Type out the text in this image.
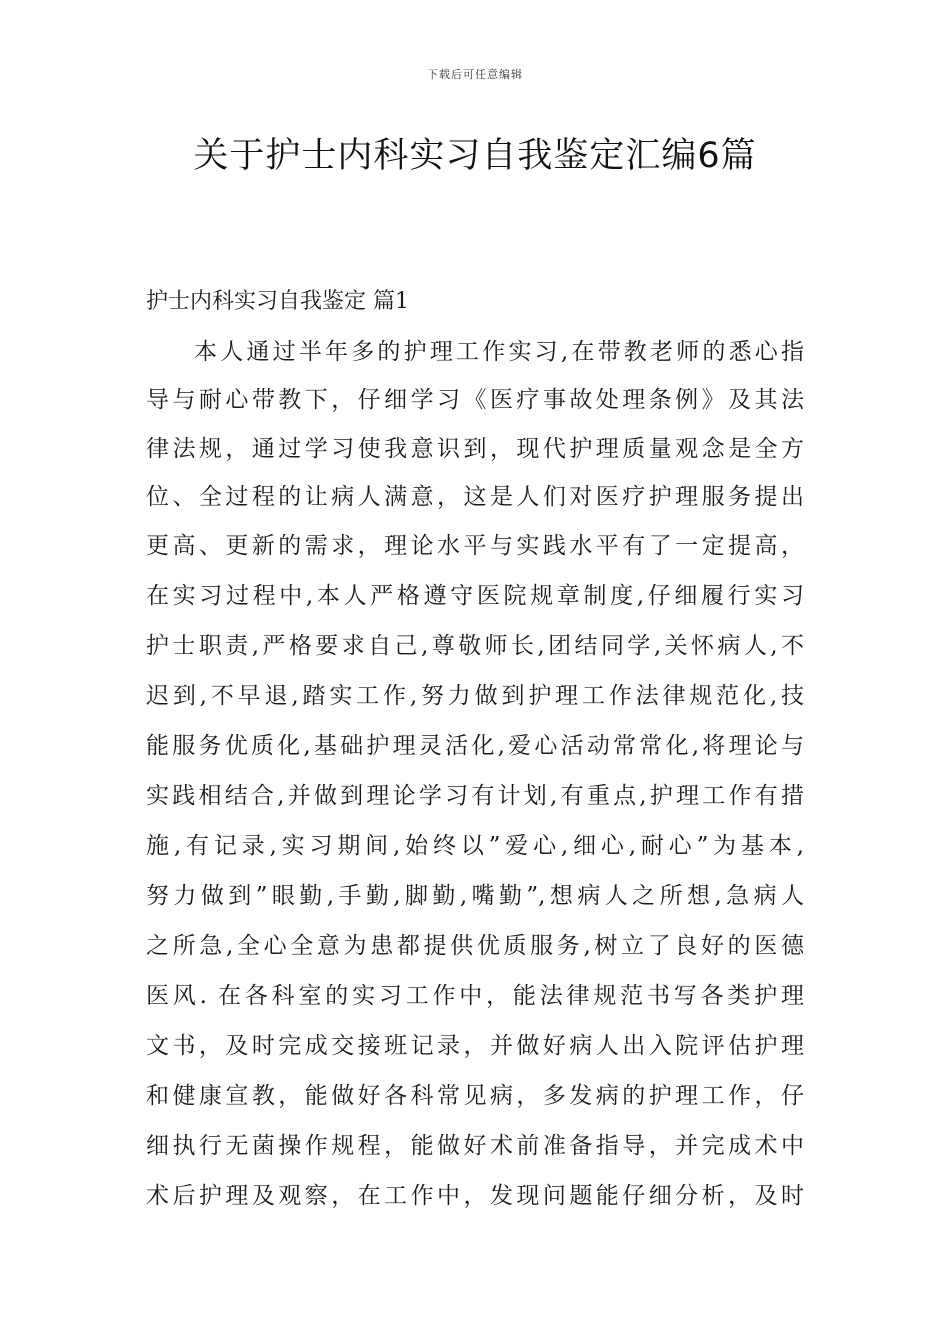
下载后可任意编辑
关于护士内科实习自我鉴定汇编6篇
护士内科实习自我鉴定 篇1
本人通过半年多的护理工作实习,在带教老师的悉心指
导与耐心带教下，仔细学习《医疗事故处理条例》及其法
律法规，通过学习使我意识到，现代护理质量观念是全方
位、全过程的让病人满意，这是人们对医疗护理服务提出
更高、更新的需求，理论水平与实践水平有了一定提高，
在实习过程中,本人严格遵守医院规章制度,仔细履行实习
护士职责,严格要求自己,尊敬师长,团结同学,关怀病人,不
迟到,不早退,踏实工作,努力做到护理工作法律规范化,技
能服务优质化,基础护理灵活化,爱心活动常常化,将理论与
实践相结合,并做到理论学习有计划,有重点,护理工作有措
施,有记录,实习期间,始终以”爱心,细心,耐心”为基本,
努力做到”眼勤,手勤,脚勤,嘴勤”,想病人之所想,急病人
之所急,全心全意为患都提供优质服务,树立了良好的医德
医风. 在各科室的实习工作中，能法律规范书写各类护理
文书，及时完成交接班记录，并做好病人出入院评估护理
和健康宣教，能做好各科常见病，多发病的护理工作，仔
细执行无菌操作规程，能做好术前准备指导，并完成术中
术后护理及观察，在工作中，发现问题能仔细分析，及时
